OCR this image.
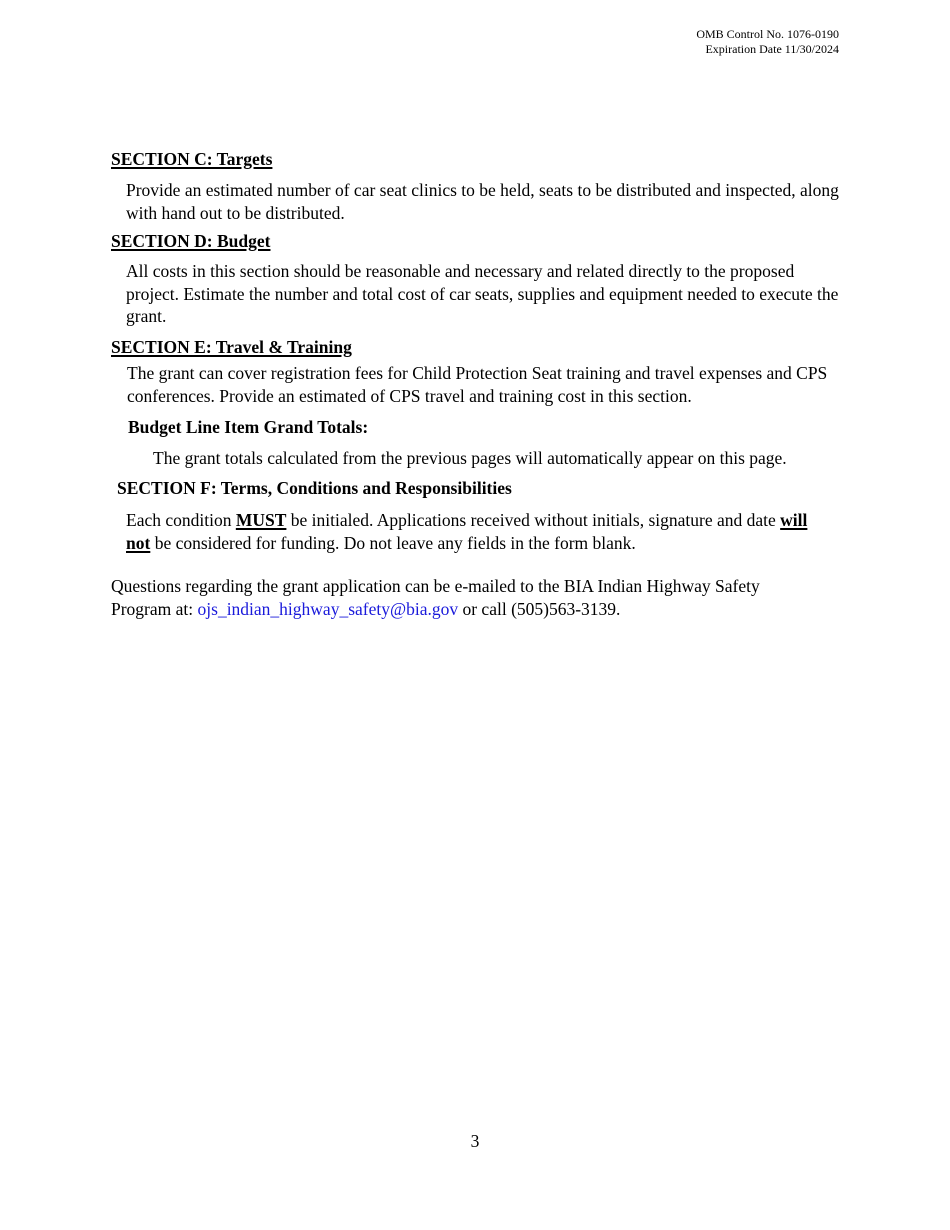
OMB Control No. 1076-0190
Expiration Date 11/30/2024
SECTION C: Targets

Provide an estimated number of car seat clinics to be held, seats to be distributed and inspected, along with hand out to be distributed.

SECTION D: Budget

All costs in this section should be reasonable and necessary and related directly to the proposed project. Estimate the number and total cost of car seats, supplies and equipment needed to execute the grant.

SECTION E: Travel & Training

The grant can cover registration fees for Child Protection Seat training and travel expenses and CPS conferences. Provide an estimated of CPS travel and training cost in this section.

Budget Line Item Grand Totals:

The grant totals calculated from the previous pages will automatically appear on this page.

SECTION F: Terms, Conditions and Responsibilities

Each condition MUST be initialed. Applications received without initials, signature and date will not be considered for funding. Do not leave any fields in the form blank.

Questions regarding the grant application can be e-mailed to the BIA Indian Highway Safety Program at: ojs_indian_highway_safety@bia.gov or call (505)563-3139.

3
